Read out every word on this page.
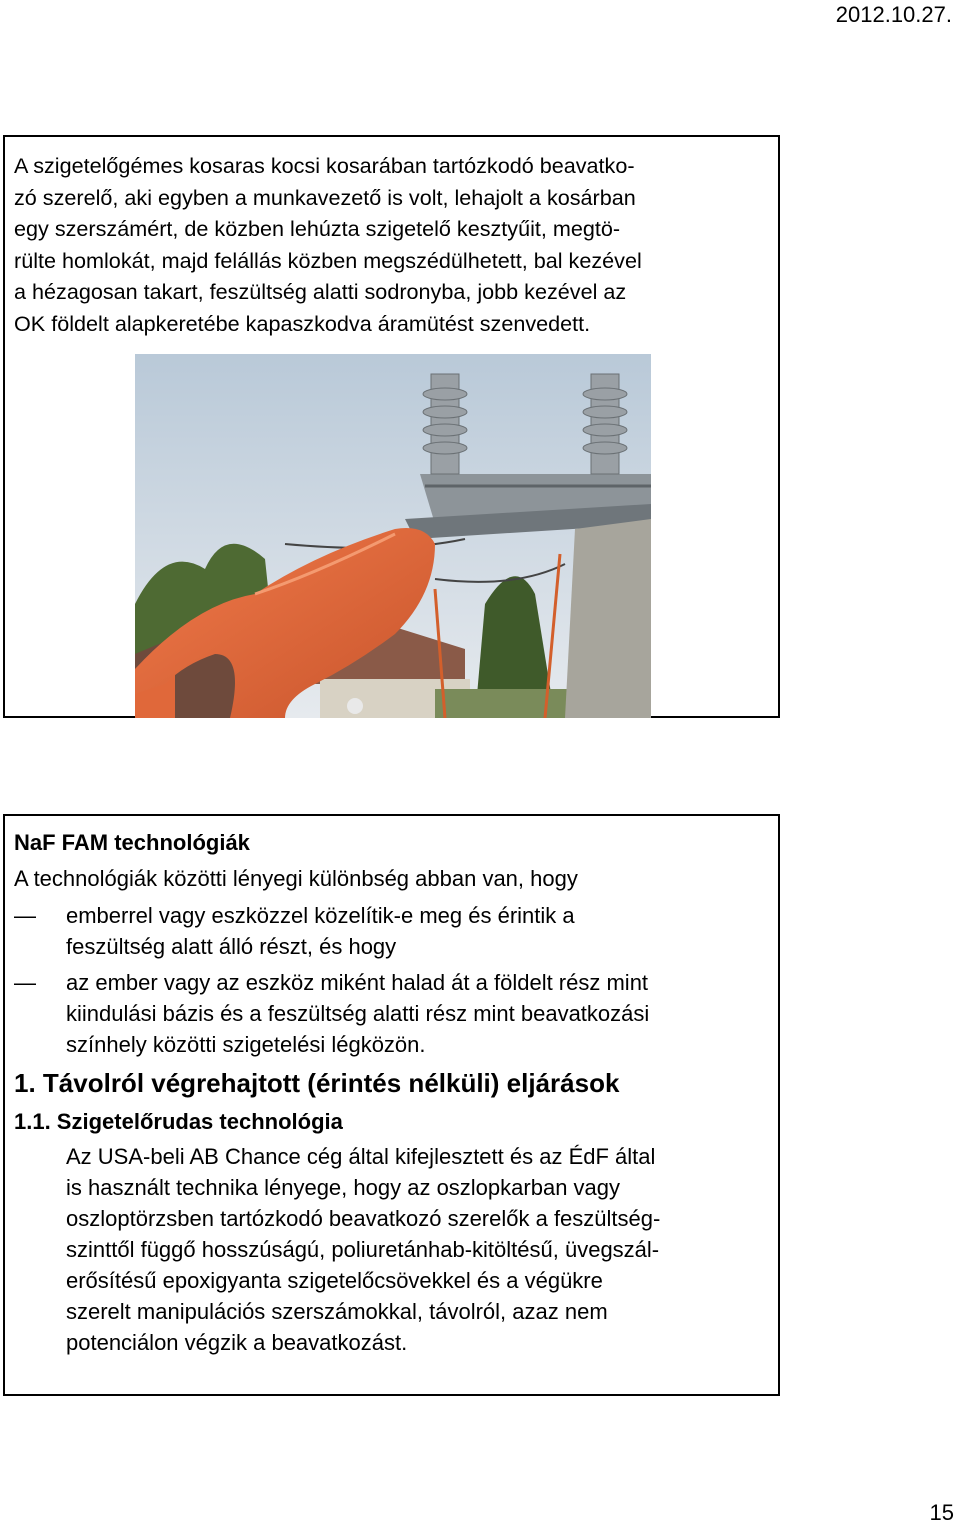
2012.10.27.

A szigetelőgémes kosaras kocsi kosarában tartózkodó beavatko-
zó szerelő, aki egyben a munkavezető is volt, lehajolt a kosárban
egy szerszámért, de közben lehúzta szigetelő kesztyűit, megtö-
rülte homlokát, majd felállás közben megszédülhetett, bal kezével
a hézagosan takart, feszültség alatti sodronyba, jobb kezével az
OK földelt alapkeretébe kapaszkodva áramütést szenvedett.

NaF FAM technológiák

A technológiák közötti lényegi különbség abban van, hogy

—	emberrel vagy eszközzel közelítik-e meg és érintik a
feszültség alatt álló részt, és hogy
—	az ember vagy az eszköz miként halad át a földelt rész mint
kiindulási bázis és a feszültség alatti rész mint beavatkozási
színhely közötti szigetelési légközön.

1. Távolról végrehajtott (érintés nélküli) eljárások

1.1. Szigetelőrudas technológia

Az USA-beli AB Chance cég által kifejlesztett és az ÉdF által
is használt technika lényege, hogy az oszlopkarban vagy
oszloptörzsben tartózkodó beavatkozó szerelők a feszültség-
szinttől függő hosszúságú, poliuretánhab-kitöltésű, üvegszál-
erősítésű epoxigyanta szigetelőcsövekkel és a végükre
szerelt manipulációs szerszámokkal, távolról, azaz nem
potenciálon végzik a beavatkozást.

15
